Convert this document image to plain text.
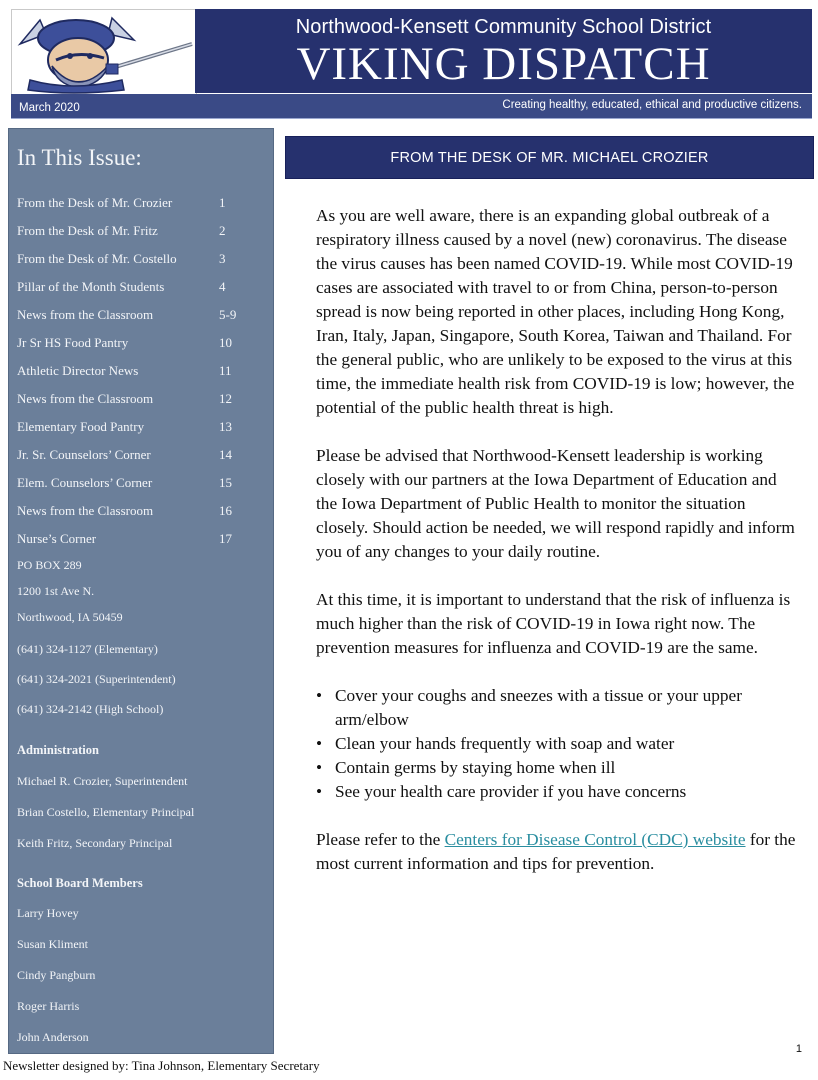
Northwood-Kensett Community School District
VIKING DISPATCH
March 2020	Creating healthy, educated, ethical and productive citizens.
In This Issue:
From the Desk of Mr. Crozier	1
From the Desk of Mr. Fritz	2
From the Desk of Mr. Costello	3
Pillar of the Month Students	4
News from the Classroom	5-9
Jr Sr HS Food Pantry	10
Athletic Director News	11
News from the Classroom	12
Elementary Food Pantry	13
Jr. Sr. Counselors’ Corner	14
Elem. Counselors’ Corner	15
News from the Classroom	16
Nurse’s Corner	17
PO BOX 289
1200 1st Ave N.
Northwood, IA 50459
(641) 324-1127 (Elementary)
(641) 324-2021 (Superintendent)
(641) 324-2142 (High School)
Administration
Michael R. Crozier, Superintendent
Brian Costello, Elementary Principal
Keith Fritz, Secondary Principal
School Board Members
Larry Hovey
Susan Kliment
Cindy Pangburn
Roger Harris
John Anderson
FROM THE DESK OF MR. MICHAEL CROZIER

As you are well aware, there is an expanding global outbreak of a respiratory illness caused by a novel (new) coronavirus. The disease the virus causes has been named COVID-19. While most COVID-19 cases are associated with travel to or from China, person-to-person spread is now being reported in other places, including Hong Kong, Iran, Italy, Japan, Singapore, South Korea, Taiwan and Thailand. For the general public, who are unlikely to be exposed to the virus at this time, the immediate health risk from COVID-19 is low; however, the potential of the public health threat is high.

Please be advised that Northwood-Kensett leadership is working closely with our partners at the Iowa Department of Education and the Iowa Department of Public Health to monitor the situation closely. Should action be needed, we will respond rapidly and inform you of any changes to your daily routine.

At this time, it is important to understand that the risk of influenza is much higher than the risk of COVID-19 in Iowa right now. The prevention measures for influenza and COVID-19 are the same.

• Cover your coughs and sneezes with a tissue or your upper arm/elbow
• Clean your hands frequently with soap and water
• Contain germs by staying home when ill
• See your health care provider if you have concerns

Please refer to the Centers for Disease Control (CDC) website for the most current information and tips for prevention.

1
Newsletter designed by: Tina Johnson, Elementary Secretary
